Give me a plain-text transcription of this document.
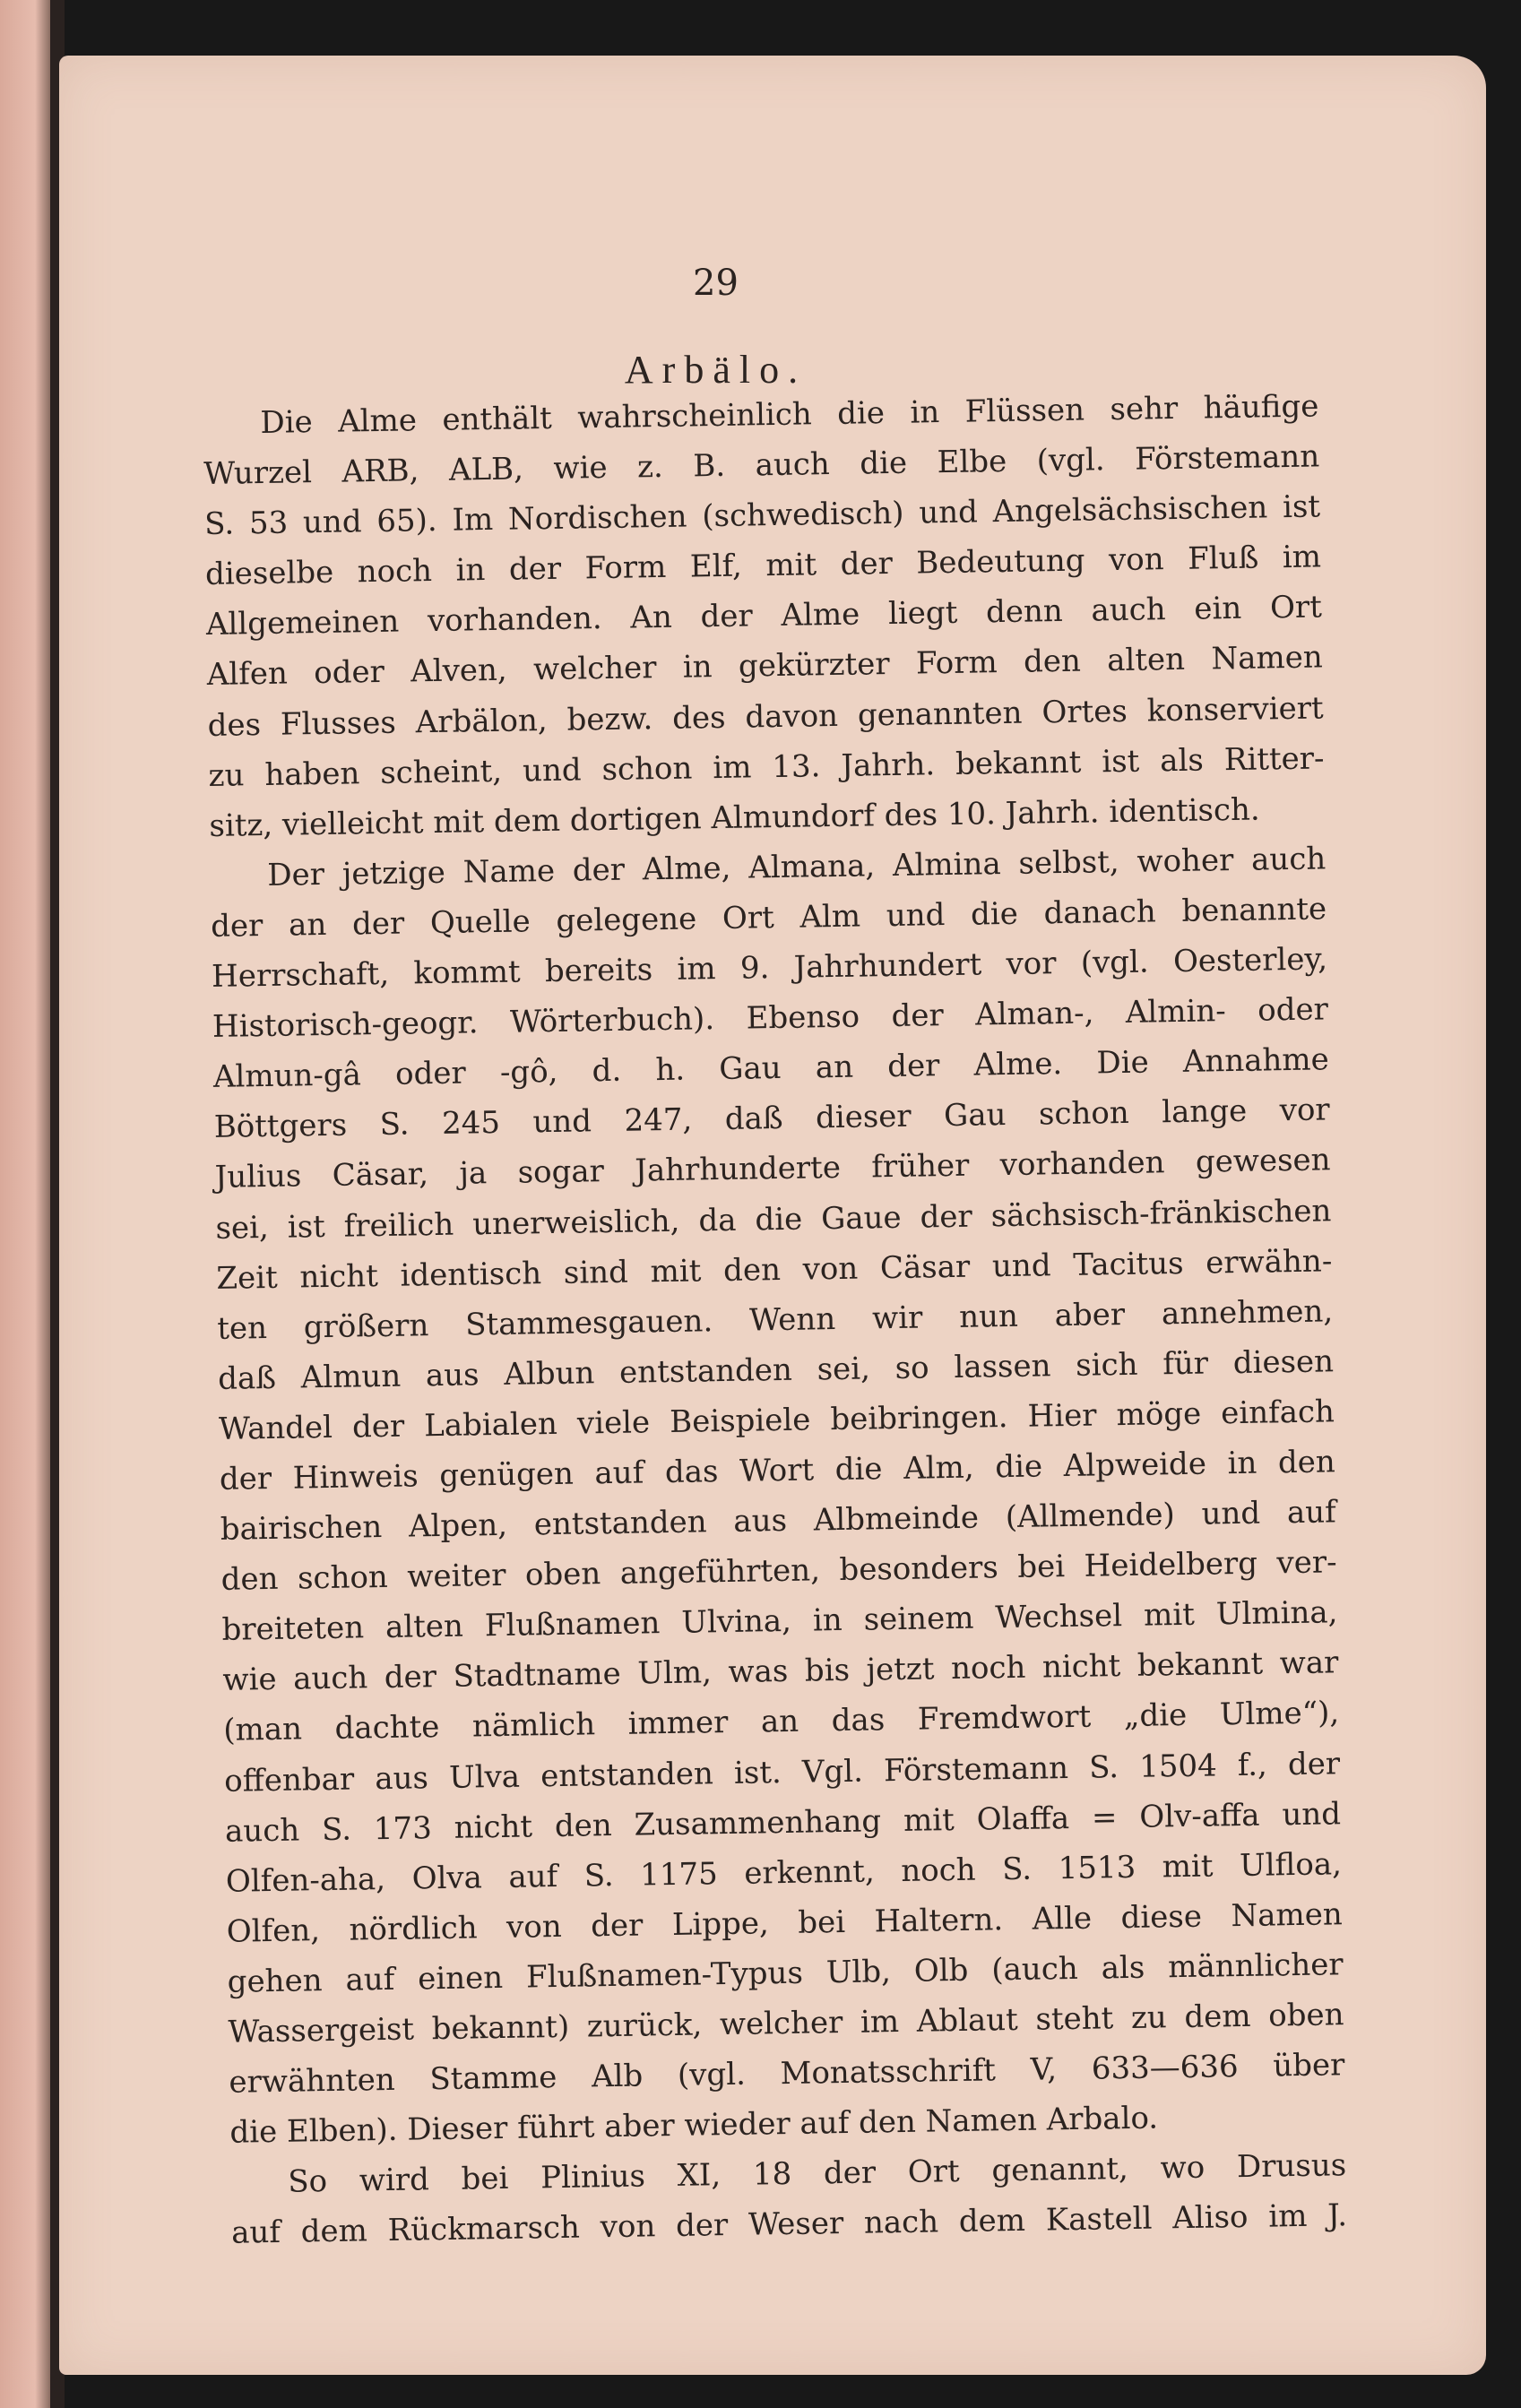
29
Arbälo.
Die Alme enthält wahrscheinlich die in Flüssen sehr häufige
Wurzel ARB, ALB, wie z. B. auch die Elbe (vgl. Förstemann
S. 53 und 65). Im Nordischen (schwedisch) und Angelsächsischen ist
dieselbe noch in der Form Elf, mit der Bedeutung von Fluß im
Allgemeinen vorhanden. An der Alme liegt denn auch ein Ort
Alfen oder Alven, welcher in gekürzter Form den alten Namen
des Flusses Arbälon, bezw. des davon genannten Ortes konserviert
zu haben scheint, und schon im 13. Jahrh. bekannt ist als Ritter-
sitz, vielleicht mit dem dortigen Almundorf des 10. Jahrh. identisch.
Der jetzige Name der Alme, Almana, Almina selbst, woher auch
der an der Quelle gelegene Ort Alm und die danach benannte
Herrschaft, kommt bereits im 9. Jahrhundert vor (vgl. Oesterley,
Historisch-geogr. Wörterbuch). Ebenso der Alman-, Almin- oder
Almun-gâ oder -gô, d. h. Gau an der Alme. Die Annahme
Böttgers S. 245 und 247, daß dieser Gau schon lange vor
Julius Cäsar, ja sogar Jahrhunderte früher vorhanden gewesen
sei, ist freilich unerweislich, da die Gaue der sächsisch-fränkischen
Zeit nicht identisch sind mit den von Cäsar und Tacitus erwähn-
ten größern Stammesgauen. Wenn wir nun aber annehmen,
daß Almun aus Albun entstanden sei, so lassen sich für diesen
Wandel der Labialen viele Beispiele beibringen. Hier möge einfach
der Hinweis genügen auf das Wort die Alm, die Alpweide in den
bairischen Alpen, entstanden aus Albmeinde (Allmende) und auf
den schon weiter oben angeführten, besonders bei Heidelberg ver-
breiteten alten Flußnamen Ulvina, in seinem Wechsel mit Ulmina,
wie auch der Stadtname Ulm, was bis jetzt noch nicht bekannt war
(man dachte nämlich immer an das Fremdwort „die Ulme“),
offenbar aus Ulva entstanden ist. Vgl. Förstemann S. 1504 f., der
auch S. 173 nicht den Zusammenhang mit Olaffa = Olv-affa und
Olfen-aha, Olva auf S. 1175 erkennt, noch S. 1513 mit Ulfloa,
Olfen, nördlich von der Lippe, bei Haltern. Alle diese Namen
gehen auf einen Flußnamen-Typus Ulb, Olb (auch als männlicher
Wassergeist bekannt) zurück, welcher im Ablaut steht zu dem oben
erwähnten Stamme Alb (vgl. Monatsschrift V, 633—636 über
die Elben). Dieser führt aber wieder auf den Namen Arbalo.
So wird bei Plinius XI, 18 der Ort genannt, wo Drusus
auf dem Rückmarsch von der Weser nach dem Kastell Aliso im J.
